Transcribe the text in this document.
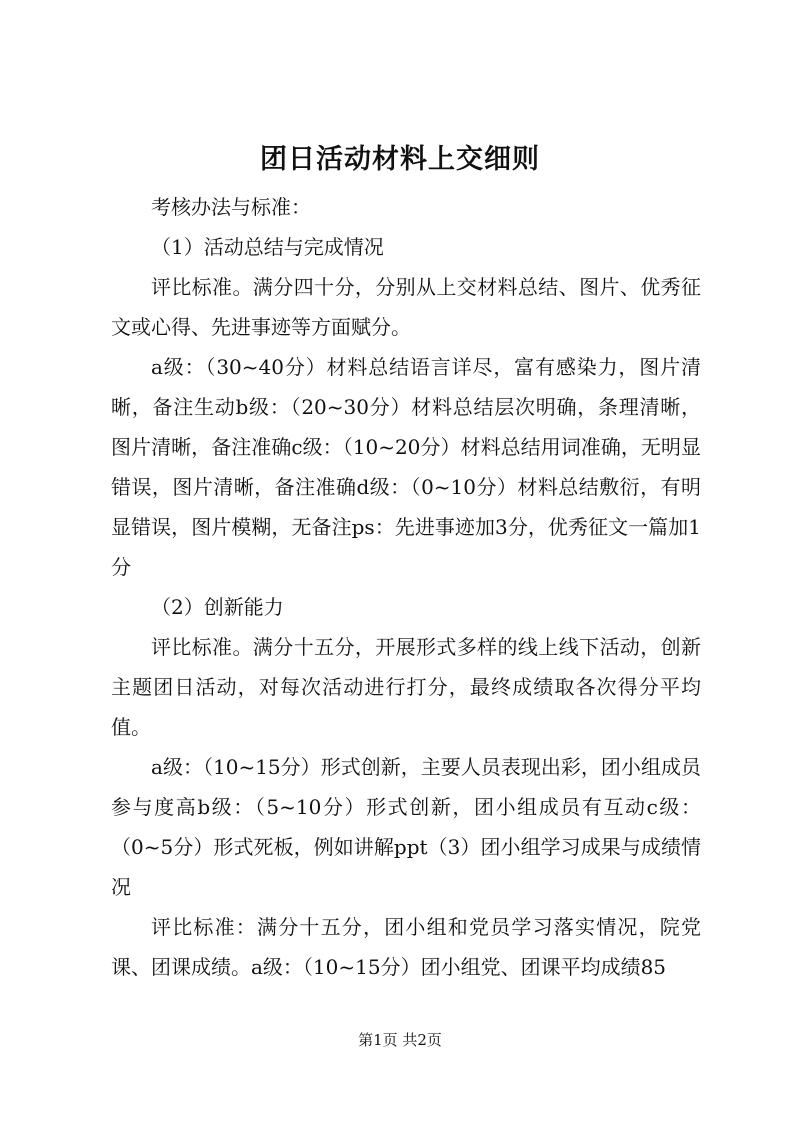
团日活动材料上交细则

考核办法与标准：

（1）活动总结与完成情况

评比标准。满分四十分，分别从上交材料总结、图片、优秀征文或心得、先进事迹等方面赋分。

a级：（30~40分）材料总结语言详尽，富有感染力，图片清晰，备注生动b级：（20~30分）材料总结层次明确，条理清晰，图片清晰，备注准确c级：（10~20分）材料总结用词准确，无明显错误，图片清晰，备注准确d级：（0~10分）材料总结敷衍，有明显错误，图片模糊，无备注ps：先进事迹加3分，优秀征文一篇加1分

（2）创新能力

评比标准。满分十五分，开展形式多样的线上线下活动，创新主题团日活动，对每次活动进行打分，最终成绩取各次得分平均值。

a级：（10~15分）形式创新，主要人员表现出彩，团小组成员参与度高b级：（5~10分）形式创新，团小组成员有互动c级：（0~5分）形式死板，例如讲解ppt（3）团小组学习成果与成绩情况

评比标准：满分十五分，团小组和党员学习落实情况，院党课、团课成绩。a级：（10~15分）团小组党、团课平均成绩85

第1页 共2页
